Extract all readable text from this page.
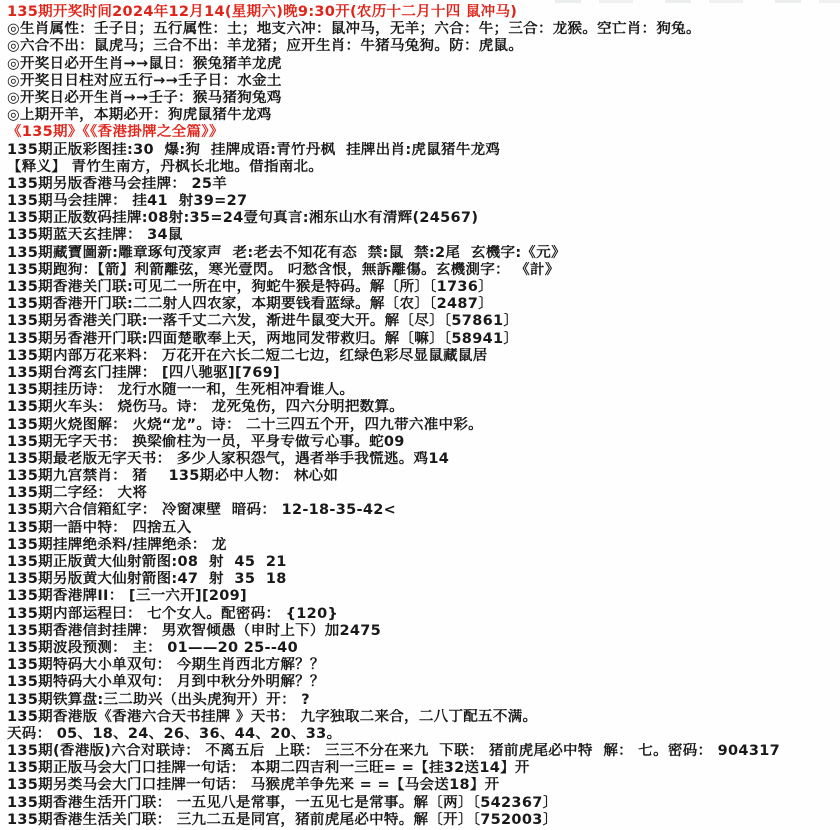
135期开奖时间2024年12月14(星期六)晚9:30开(农历十二月十四 鼠冲马)
◎生肖属性：壬子日；五行属性：土；地支六冲：鼠冲马，无羊；六合：牛；三合：龙猴。空亡肖：狗兔。
◎六合不出：鼠虎马；三合不出：羊龙猪；应开生肖：牛猪马兔狗。防：虎鼠。
◎开奖日必开生肖→→鼠日：猴兔猪羊龙虎
◎开奖日日柱对应五行→→壬子日：水金土
◎开奖日必开生肖→→壬子：猴马猪狗兔鸡
◎上期开羊，本期必开：狗虎鼠猪牛龙鸡
《135期》《《香港掛牌之全篇》》
135期正版彩图挂:30  爆:狗  挂牌成语:青竹丹枫  挂牌出肖:虎鼠猪牛龙鸡
【释义】 青竹生南方，丹枫长北地。借指南北。
135期另版香港马会挂牌： 25羊
135期马会挂牌： 挂41  射39=27
135期正版数码挂牌:08射:35=24壹句真言:湘东山水有清辉(24567)
135期蓝天玄挂牌： 34鼠
135期藏寶圖新:雕章琢句茂家声  老:老去不知花有态  禁:鼠  禁:2尾  玄機字:《元》
135期跑狗：【箭】利箭離弦，寒光壹閃。 叼愁含恨，無訴離傷。玄機測字： 《計》
135期香港关门联:可见二一所在中，狗蛇牛猴是特码。解〔所〕〔1736〕
135期香港开门联:二二射人四农家，本期要钱看蓝绿。解〔农〕〔2487〕
135期另香港关门联:一落千丈二六发，渐进牛鼠变大开。解〔尽〕〔57861〕
135期另香港开门联:四面楚歌奉上天，两地同发带救归。解〔嘛〕〔58941〕
135期内部万花来料： 万花开在六长二短二七边，红绿色彩尽显鼠藏鼠居
135期台湾玄门挂牌： [四八驰驱][769]
135期挂历诗： 龙行水随一一和，生死相冲看谁人。
135期火车头： 烧伤马。诗： 龙死兔伤，四六分明把数算。
135期火烧图解： 火烧“龙”。诗： 二十三四五个开，四九带六准中彩。
135期无字天书： 换梁偷柱为一员，平身专做亏心事。蛇09
135期最老版无字天书： 多少人家积怨气，遇者举手我慌逃。鸡14
135期九宫禁肖： 猪    135期必中人物： 林心如
135期二字经： 大将
135期六合信箱紅字： 冷窗凍壁  暗码： 12-18-35-42<
135期一語中特： 四捨五入
135期挂牌绝杀料/挂牌绝杀： 龙
135期正版黄大仙射箭图:08  射  45  21
135期另版黄大仙射箭图:47  射  35  18
135期香港牌II： [三一六开][209]
135期内部运程曰： 七个女人。配密码： {120}
135期香港信封挂牌： 男欢智倾愚（申时上下）加2475
135期波段预测： 主： 01——20 25--40
135期特码大小单双句： 今期生肖西北方解？？
135期特码大小单双句： 月到中秋分外明解？？
135期铁算盘:三二助兴（出头虎狗开）开： ?
135期香港版《香港六合天书挂牌 》天书： 九字独取二来合，二八丁配五不满。
天码： 05、18、24、26、36、44、20、33。
135期(香港版)六合对联诗： 不离五后  上联： 三三不分在来九  下联： 猪前虎尾必中特  解： 七。密码： 904317
135期正版马会大门口挂牌一句话： 本期二四吉利一三旺= =【挂32送14】开
135期另类马会大门口挂牌一句话： 马猴虎羊争先来 = =【马会送18】开
135期香港生活开门联： 一五见八是常事，一五见七是常事。解〔两〕〔542367〕
135期香港生活关门联： 三九二五是同宫，猪前虎尾必中特。解〔开〕〔752003〕
